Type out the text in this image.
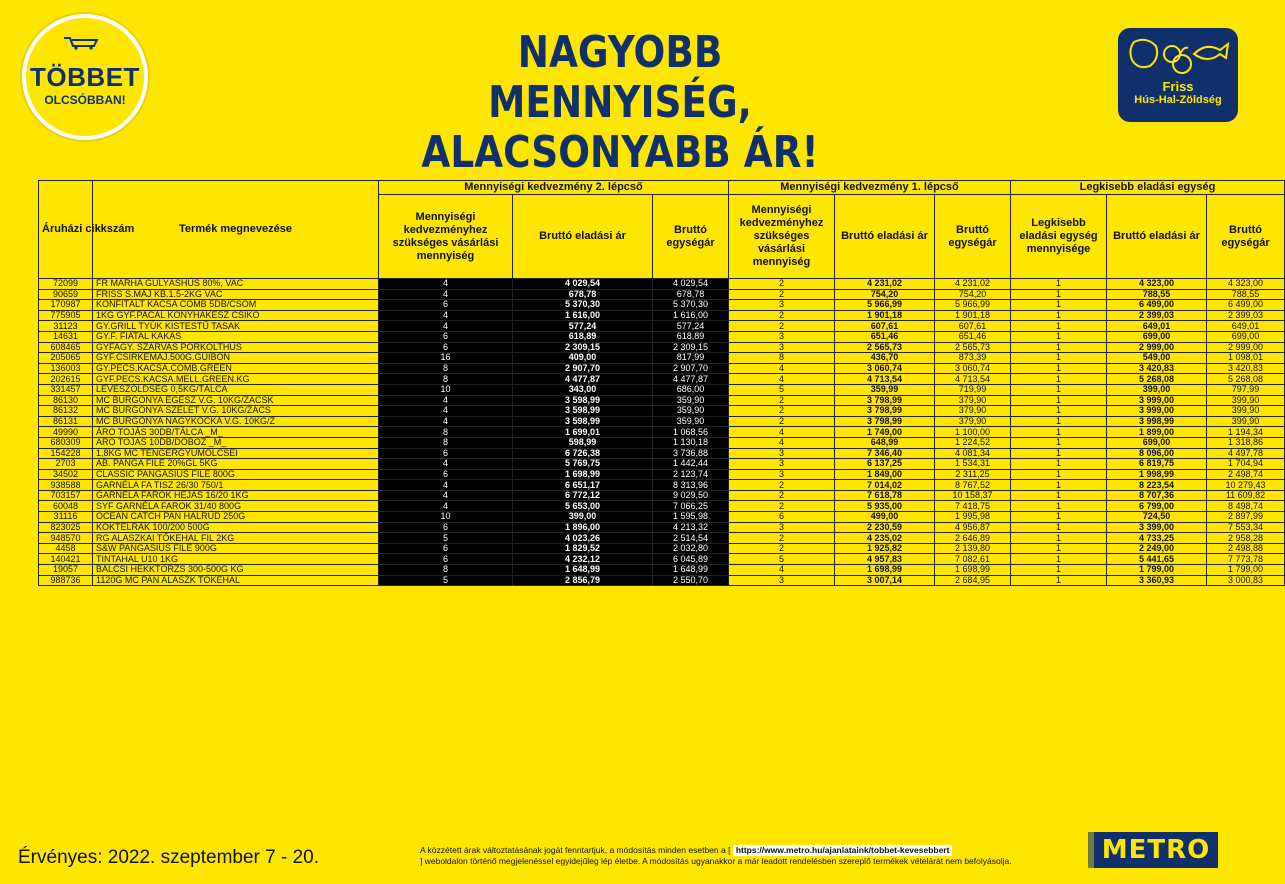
TÖBBET
OLCSÓBBAN!
NAGYOBB MENNYISÉG,
ALACSONYABB ÁR!
Friss
Hús-Hal-Zöldség
Áruházi cikkszám	Termék megnevezése	Mennyiségi kedvezmény 2. lépcső			Mennyiségi kedvezmény 1. lépcső			Legkisebb eladási egység		
		Mennyiségi kedvezményhez szükséges vásárlási mennyiség	Bruttó eladási ár	Bruttó egységár	Mennyiségi kedvezményhez szükséges vásárlási mennyiség	Bruttó eladási ár	Bruttó egységár	Legkisebb eladási egység mennyisége	Bruttó eladási ár	Bruttó egységár
72099	FR MARHA GULYÁSHÚS 80%, VAC	4	4 029,54	4 029,54	2	4 231,02	4 231,02	1	4 323,00	4 323,00
90659	FRISS S.MÁJ KB.1.5-2KG VAC	4	678,78	678,78	2	754,20	754,20	1	788,55	788,55
170987	KONFITÁLT KACSA COMB 5DB/CSOM	6	5 370,30	5 370,30	3	5 966,99	5 966,99	1	6 499,00	6 499,00
775905	1KG GYF.PACAL KONYHAKÉSZ CSÍKO	4	1 616,00	1 616,00	2	1 901,18	1 901,18	1	2 399,03	2 399,03
31123	GY.GRILL TYÚK KISTESTŰ TASAK	4	577,24	577,24	2	607,61	607,61	1	649,01	649,01
14631	GY.F. FIATAL KAKAS	6	618,89	618,89	3	651,46	651,46	1	699,00	699,00
608465	GYFAGY. SZARVAS PÖRKÖLTHÚS	6	2 309,15	2 309,15	3	2 565,73	2 565,73	1	2 999,00	2 999,00
205065	GYF.CSIRKEMÁJ.500G.GUIBON	16	409,00	817,99	8	436,70	873,39	1	549,00	1 098,01
136003	GY.PECS.KACSA.COMB.GREEN	8	2 907,70	2 907,70	4	3 060,74	3 060,74	1	3 420,83	3 420,83
202615	GYF.PECS.KACSA.MELL.GREEN.KG	8	4 477,87	4 477,87	4	4 713,54	4 713,54	1	5 268,08	5 268,08
331457	LEVESZÖLDSÉG 0,5KG/TÁLCA	10	343,00	686,00	5	359,99	719,99	1	399,00	797,99
86130	MC BURGONYA EGÉSZ V.G. 10KG/ZACSK	4	3 598,99	359,90	2	3 798,99	379,90	1	3 999,00	399,90
86132	MC BURGONYA SZELET V.G. 10KG/ZACS	4	3 598,99	359,90	2	3 798,99	379,90	1	3 999,00	399,90
86131	MC BURGONYA NAGYKOCKA V.G. 10KG/Z	4	3 598,99	359,90	2	3 798,99	379,90	1	3 998,99	399,90
49990	ÁRO TOJÁS 30DB/TÁLCA _M_	8	1 699,01	1 068,56	4	1 749,00	1 100,00	1	1 899,00	1 194,34
680309	ÁRO TOJÁS 10DB/DOBOZ _M_	8	598,99	1 130,18	4	648,99	1 224,52	1	699,00	1 318,86
154228	1,8KG MC TENGERGYÜMÖLCSEI	6	6 726,38	3 736,88	3	7 346,40	4 081,34	1	8 096,00	4 497,78
2703	AB. PANGA FILÉ 20%GL 5KG	4	5 769,75	1 442,44	3	6 137,25	1 534,31	1	6 819,75	1 704,94
34502	CLASSIC PANGASIUS FILÉ 800G	6	1 698,99	2 123,74	3	1 849,00	2 311,25	1	1 998,99	2 498,74
938588	GARNÉLA FA TISZ 26/30 750/1	4	6 651,17	8 313,96	2	7 014,02	8 767,52	1	8 223,54	10 279,43
703157	GARNÉLA FAROK HÉJAS 16/20 1KG	4	6 772,12	9 029,50	2	7 618,78	10 158,37	1	8 707,36	11 609,82
60048	SYF GARNÉLA FAROK 31/40 800G	4	5 653,00	7 066,25	2	5 935,00	7 418,75	1	6 799,00	8 498,74
31116	OCEAN CATCH PAN HALRÚD 250G	10	399,00	1 595,98	6	499,00	1 995,98	1	724,50	2 897,99
823025	KOKTÉLRÁK 100/200 500G	6	1 896,00	4 213,32	3	2 230,59	4 956,87	1	3 399,00	7 553,34
948570	RG ALASZKAI TŐKEHAL FIL 2KG	5	4 023,26	2 514,54	2	4 235,02	2 646,89	1	4 733,25	2 958,28
4458	S&W PANGASIUS FILÉ 900G	6	1 829,52	2 032,80	2	1 925,82	2 139,80	1	2 249,00	2 498,88
140421	TINTAHAL U10 1KG	6	4 232,12	6 045,89	5	4 957,83	7 082,61	1	5 441,65	7 773,78
19057	BALCSI HEKKTÖRZS 300-500G KG	8	1 648,99	1 648,99	4	1 698,99	1 698,99	1	1 799,00	1 799,00
988736	1120G MC PAN ALASZK TŐKEHAL	5	2 856,79	2 550,70	3	3 007,14	2 684,95	1	3 360,93	3 000,83
Érvényes: 2022. szeptember 7 - 20.	A közzétett árak változtatásának jogát fenntartjuk, a módosítás minden esetben a [ https://www.metro.hu/ajanlataink/tobbet-kevesebbert
] weboldalon történő megjelenéssel egyidejűleg lép életbe. A módosítás ugyanakkor a már leadott rendelésben szereplő termékek vételárát nem befolyásolja.	METRO
